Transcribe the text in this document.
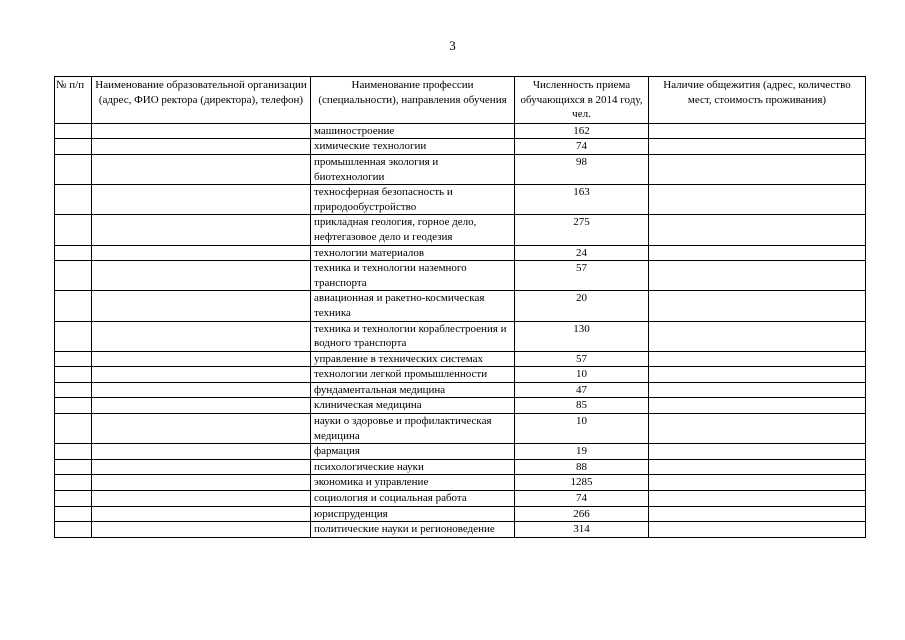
3
№ п/п	Наименование образовательной организации (адрес, ФИО ректора (директора), телефон)	Наименование профессии (специальности), направления обучения	Численность приема обучающихся в 2014 году, чел.	Наличие общежития (адрес, количество мест, стоимость проживания)
		машиностроение	162	
		химические технологии	74	
		промышленная экология и биотехнологии	98	
		техносферная безопасность и природообустройство	163	
		прикладная геология, горное дело, нефтегазовое дело и геодезия	275	
		технологии материалов	24	
		техника и технологии наземного транспорта	57	
		авиационная и ракетно-космическая техника	20	
		техника и технологии кораблестроения и водного транспорта	130	
		управление в технических системах	57	
		технологии легкой промышленности	10	
		фундаментальная медицина	47	
		клиническая медицина	85	
		науки о здоровье и профилактическая медицина	10	
		фармация	19	
		психологические науки	88	
		экономика и управление	1285	
		социология и социальная работа	74	
		юриспруденция	266	
		политические науки и регионоведение	314	
